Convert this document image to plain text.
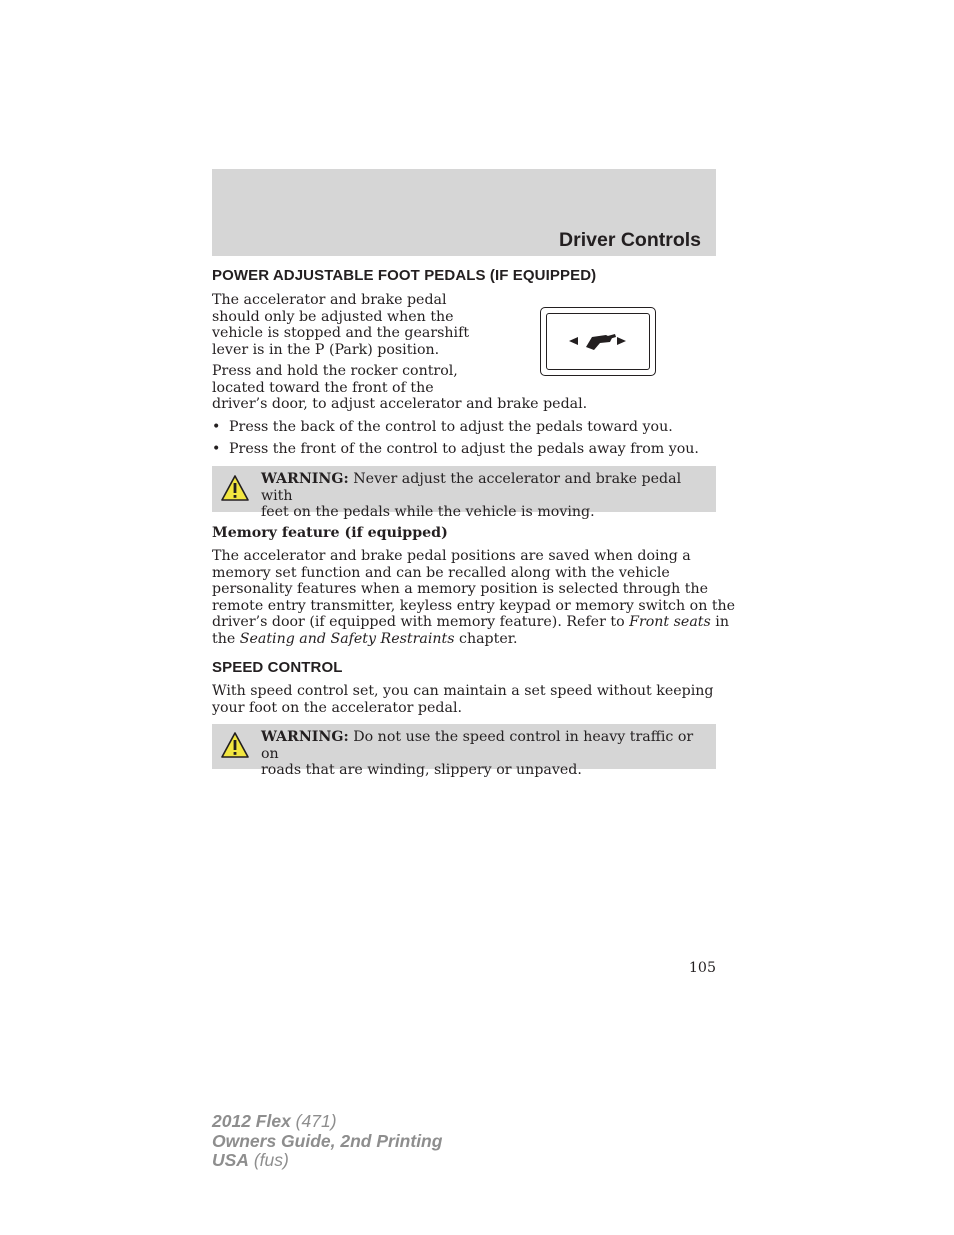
Driver Controls
POWER ADJUSTABLE FOOT PEDALS (IF EQUIPPED)
The accelerator and brake pedal
should only be adjusted when the
vehicle is stopped and the gearshift
lever is in the P (Park) position.
Press and hold the rocker control,
located toward the front of the
driver’s door, to adjust accelerator and brake pedal.
• Press the back of the control to adjust the pedals toward you.
• Press the front of the control to adjust the pedals away from you.
WARNING: Never adjust the accelerator and brake pedal with
feet on the pedals while the vehicle is moving.
Memory feature (if equipped)
The accelerator and brake pedal positions are saved when doing a
memory set function and can be recalled along with the vehicle
personality features when a memory position is selected through the
remote entry transmitter, keyless entry keypad or memory switch on the
driver’s door (if equipped with memory feature). Refer to Front seats in
the Seating and Safety Restraints chapter.
SPEED CONTROL
With speed control set, you can maintain a set speed without keeping
your foot on the accelerator pedal.
WARNING: Do not use the speed control in heavy traffic or on
roads that are winding, slippery or unpaved.
105
2012 Flex (471)
Owners Guide, 2nd Printing
USA (fus)
